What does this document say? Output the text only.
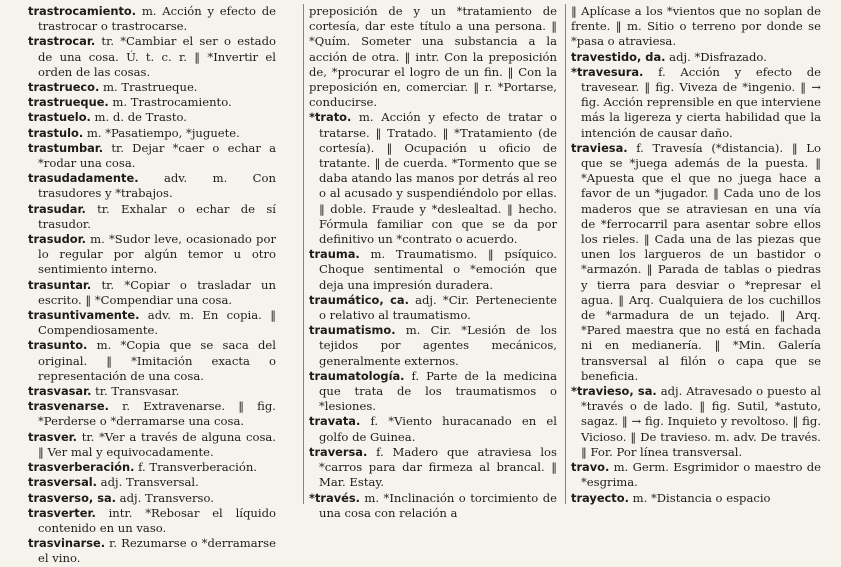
trastrocamiento. m. Acción y efecto de trastrocar o trastrocarse.

trastrocar. tr. *Cambiar el ser o estado de una cosa. Ú. t. c. r. ‖ *Invertir el orden de las cosas.

trastrueco. m. Trastrueque.

trastrueque. m. Trastrocamiento.

trastuelo. m. d. de Trasto.

trastulo. m. *Pasatiempo, *juguete.

trastumbar. tr. Dejar *caer o echar a *rodar una cosa.

trasudadamente. adv. m. Con trasudores y *trabajos.

trasudar. tr. Exhalar o echar de sí trasudor.

trasudor. m. *Sudor leve, ocasionado por lo regular por algún temor u otro sentimiento interno.

trasuntar. tr. *Copiar o trasladar un escrito. ‖ *Compendiar una cosa.

trasuntivamente. adv. m. En copia. ‖ Compendiosamente.

trasunto. m. *Copia que se saca del original. ‖ *Imitación exacta o representación de una cosa.

trasvasar. tr. Transvasar.

trasvenarse. r. Extravenarse. ‖ fig. *Perderse o *derramarse una cosa.

trasver. tr. *Ver a través de alguna cosa. ‖ Ver mal y equivocadamente.

trasverberación. f. Transverberación.

trasversal. adj. Transversal.

trasverso, sa. adj. Transverso.

trasverter. intr. *Rebosar el líquido contenido en un vaso.

trasvinarse. r. Rezumarse o *derramarse el vino.

preposición de y un *tratamiento de cortesía, dar este título a una persona. ‖ *Quím. Someter una substancia a la acción de otra. ‖ intr. Con la preposición de, *procurar el logro de un fin. ‖ Con la preposición en, comerciar. ‖ r. *Portarse, conducirse.

*trato. m. Acción y efecto de tratar o tratarse. ‖ Tratado. ‖ *Tratamiento (de cortesía). ‖ Ocupación u oficio de tratante. ‖ de cuerda. *Tormento que se daba atando las manos por detrás al reo o al acusado y suspendiéndolo por ellas. ‖ doble. Fraude y *deslealtad. ‖ hecho. Fórmula familiar con que se da por definitivo un *contrato o acuerdo.

trauma. m. Traumatismo. ‖ psíquico. Choque sentimental o *emoción que deja una impresión duradera.

traumático, ca. adj. *Cir. Perteneciente o relativo al traumatismo.

traumatismo. m. Cir. *Lesión de los tejidos por agentes mecánicos, generalmente externos.

traumatología. f. Parte de la medicina que trata de los traumatismos o *lesiones.

travata. f. *Viento huracanado en el golfo de Guinea.

traversa. f. Madero que atraviesa los *carros para dar firmeza al brancal. ‖ Mar. Estay.

*través. m. *Inclinación o torcimiento de una cosa con relación a

‖ Aplícase a los *vientos que no soplan de frente. ‖ m. Sitio o terreno por donde se *pasa o atraviesa.

travestido, da. adj. *Disfrazado.

*travesura. f. Acción y efecto de travesear. ‖ fig. Viveza de *ingenio. ‖ → fig. Acción reprensible en que interviene más la ligereza y cierta habilidad que la intención de causar daño.

traviesa. f. Travesía (*distancia). ‖ Lo que se *juega además de la puesta. ‖ *Apuesta que el que no juega hace a favor de un *jugador. ‖ Cada uno de los maderos que se atraviesan en una vía de *ferrocarril para asentar sobre ellos los rieles. ‖ Cada una de las piezas que unen los largueros de un bastidor o *armazón. ‖ Parada de tablas o piedras y tierra para desviar o *represar el agua. ‖ Arq. Cualquiera de los cuchillos de *armadura de un tejado. ‖ Arq. *Pared maestra que no está en fachada ni en medianería. ‖ *Min. Galería transversal al filón o capa que se beneficia.

*travieso, sa. adj. Atravesado o puesto al *través o de lado. ‖ fig. Sutil, *astuto, sagaz. ‖ → fig. Inquieto y revoltoso. ‖ fig. Vicioso. ‖ De travieso. m. adv. De través. ‖ For. Por línea transversal.

travo. m. Germ. Esgrimidor o maestro de *esgrima.

trayecto. m. *Distancia o espacio
